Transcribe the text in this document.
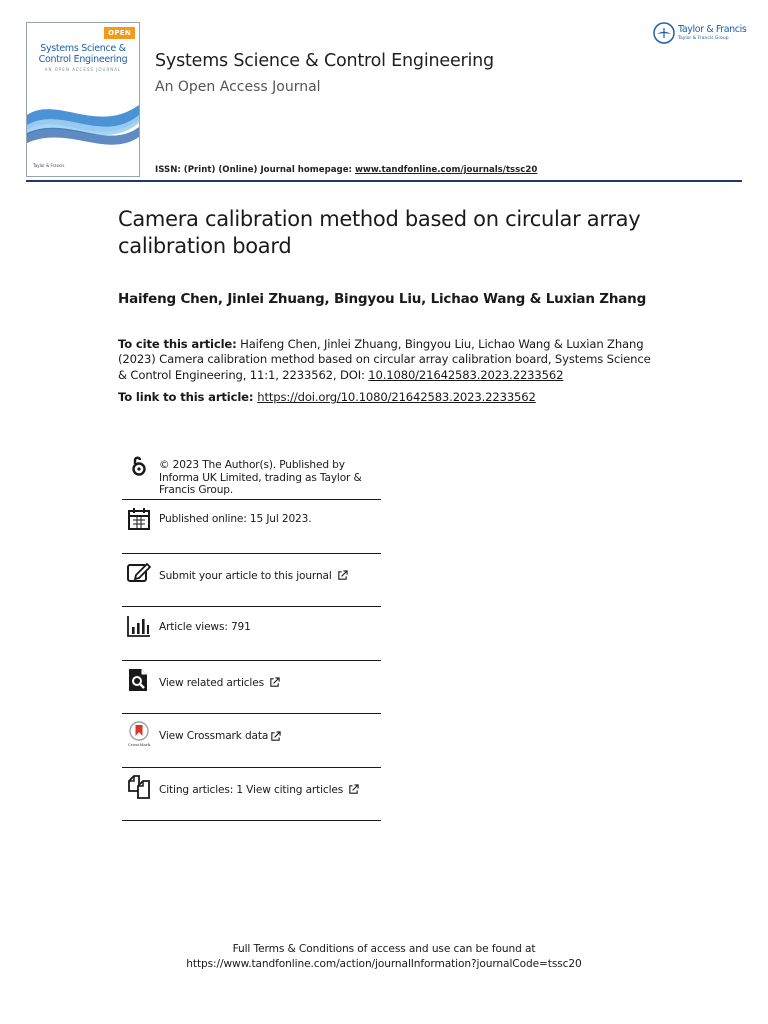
OPEN
Systems Science &
Control Engineering
AN OPEN ACCESS JOURNAL
Taylor & Francis
Systems Science & Control Engineering
An Open Access Journal
ISSN: (Print) (Online) Journal homepage: www.tandfonline.com/journals/tssc20
Taylor & Francis
Taylor & Francis Group
Camera calibration method based on circular array calibration board
Haifeng Chen, Jinlei Zhuang, Bingyou Liu, Lichao Wang & Luxian Zhang
To cite this article: Haifeng Chen, Jinlei Zhuang, Bingyou Liu, Lichao Wang & Luxian Zhang (2023) Camera calibration method based on circular array calibration board, Systems Science & Control Engineering, 11:1, 2233562, DOI: 10.1080/21642583.2023.2233562
To link to this article: https://doi.org/10.1080/21642583.2023.2233562
© 2023 The Author(s). Published by Informa UK Limited, trading as Taylor & Francis Group.
Published online: 15 Jul 2023.
Submit your article to this journal
Article views: 791
View related articles
CrossMark
View Crossmark data
Citing articles: 1 View citing articles
Full Terms & Conditions of access and use can be found at
https://www.tandfonline.com/action/journalInformation?journalCode=tssc20
